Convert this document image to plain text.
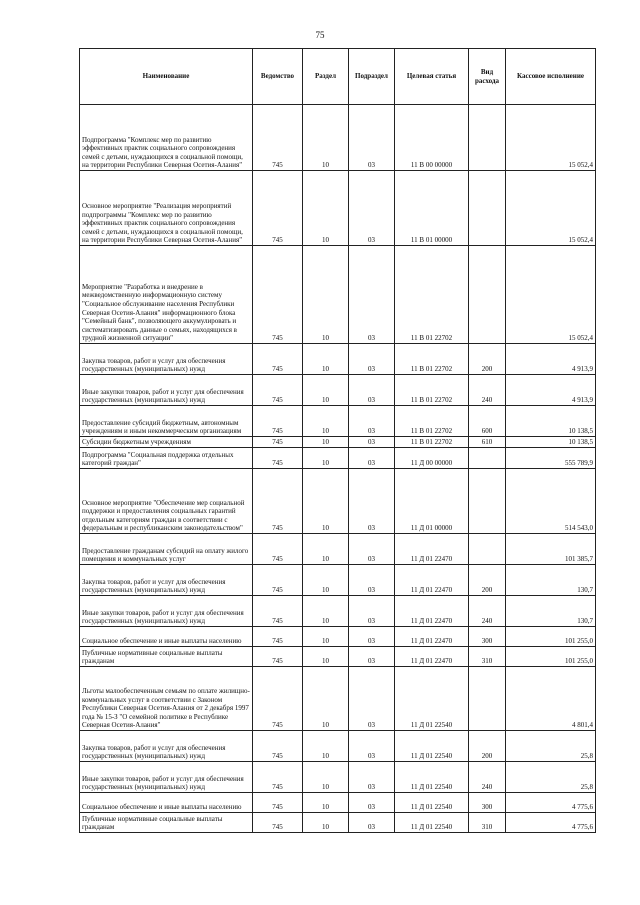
75
Наименование	Ведомство	Раздел	Подраздел	Целевая статья	Вид расхода	Кассовое исполнение
Подпрограмма "Комплекс мер по развитию эффективных практик социального сопровождения семей с детьми, нуждающихся в социальной помощи, на территории Республики Северная Осетия-Алания"	745	10	03	11 В 00 00000		15 052,4
Основное мероприятие "Реализация мероприятий подпрограммы "Комплекс мер по развитию эффективных практик социального сопровождения семей с детьми, нуждающихся в социальной помощи, на территории Республики Северная Осетия-Алания"	745	10	03	11 В 01 00000		15 052,4
Мероприятие "Разработка и внедрение в межведомственную информационную систему "Социальное обслуживание населения Республики Северная Осетия-Алания" информационного блока "Семейный банк", позволяющего аккумулировать и систематизировать данные о семьях, находящихся в трудной жизненной ситуации"	745	10	03	11 В 01 22702		15 052,4
Закупка товаров, работ и услуг для обеспечения государственных (муниципальных) нужд	745	10	03	11 В 01 22702	200	4 913,9
Иные закупки товаров, работ и услуг для обеспечения государственных (муниципальных) нужд	745	10	03	11 В 01 22702	240	4 913,9
Предоставление субсидий бюджетным, автономным учреждениям и иным некоммерческим организациям	745	10	03	11 В 01 22702	600	10 138,5
Субсидии бюджетным учреждениям	745	10	03	11 В 01 22702	610	10 138,5
Подпрограмма "Социальная поддержка отдельных категорий граждан"	745	10	03	11 Д 00 00000		555 789,9
Основное мероприятие "Обеспечение мер социальной поддержки и предоставления социальных гарантий отдельным категориям граждан в соответствии с федеральным и республиканским законодательством"	745	10	03	11 Д 01 00000		514 543,0
Предоставление гражданам субсидий на оплату жилого помещения и коммунальных услуг	745	10	03	11 Д 01 22470		101 385,7
Закупка товаров, работ и услуг для обеспечения государственных (муниципальных) нужд	745	10	03	11 Д 01 22470	200	130,7
Иные закупки товаров, работ и услуг для обеспечения государственных (муниципальных) нужд	745	10	03	11 Д 01 22470	240	130,7
Социальное обеспечение и иные выплаты населению	745	10	03	11 Д 01 22470	300	101 255,0
Публичные нормативные социальные выплаты гражданам	745	10	03	11 Д 01 22470	310	101 255,0
Льготы малообеспеченным семьям по оплате жилищно-коммунальных услуг в соответствии с Законом Республики Северная Осетия-Алания от 2 декабря 1997 года № 15-З "О семейной политике в Республике Северная Осетия-Алания"	745	10	03	11 Д 01 22540		4 801,4
Закупка товаров, работ и услуг для обеспечения государственных (муниципальных) нужд	745	10	03	11 Д 01 22540	200	25,8
Иные закупки товаров, работ и услуг для обеспечения государственных (муниципальных) нужд	745	10	03	11 Д 01 22540	240	25,8
Социальное обеспечение и иные выплаты населению	745	10	03	11 Д 01 22540	300	4 775,6
Публичные нормативные социальные выплаты гражданам	745	10	03	11 Д 01 22540	310	4 775,6
